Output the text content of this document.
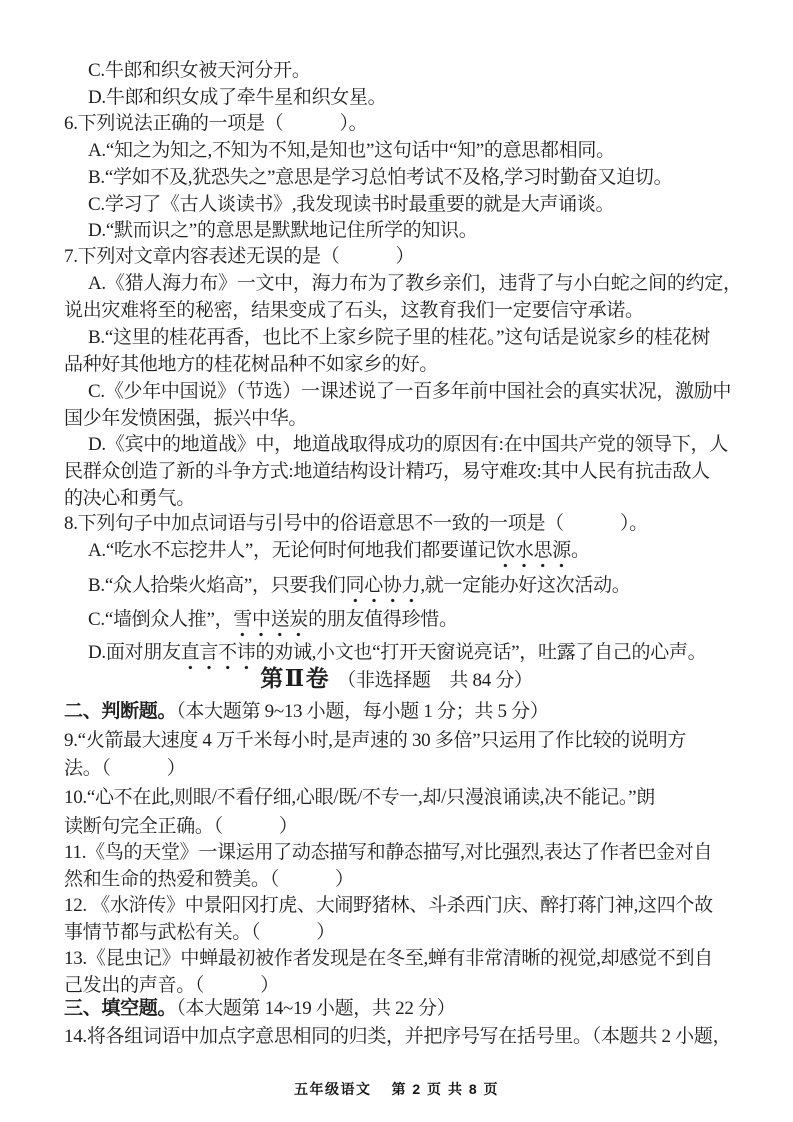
C.牛郎和织女被天河分开。
D.牛郎和织女成了牵牛星和织女星。
6.下列说法正确的一项是（　　　）。
A.“知之为知之,不知为不知,是知也”这句话中“知”的意思都相同。
B.“学如不及,犹恐失之”意思是学习总怕考试不及格,学习时勤奋又迫切。
C.学习了《古人谈读书》,我发现读书时最重要的就是大声诵谈。
D.“默而识之”的意思是默默地记住所学的知识。
7.下列对文章内容表述无误的是（　　　）
A.《猎人海力布》一文中，海力布为了教乡亲们，违背了与小白蛇之间的约定，
说出灾难将至的秘密，结果变成了石头，这教育我们一定要信守承诺。
B.“这里的桂花再香，也比不上家乡院子里的桂花。”这句话是说家乡的桂花树
品种好其他地方的桂花树品种不如家乡的好。
C.《少年中国说》（节选）一课述说了一百多年前中国社会的真实状况，激励中
国少年发愤困强，振兴中华。
D.《宾中的地道战》中，地道战取得成功的原因有:在中国共产党的领导下，人
民群众创造了新的斗争方式:地道结构设计精巧，易守难攻:其中人民有抗击敌人
的决心和勇气。
8.下列句子中加点词语与引号中的俗语意思不一致的一项是（　　　）。
A.“吃水不忘挖井人”，无论何时何地我们都要谨记饮水思源。
B.“众人拾柴火焰高”，只要我们同心协力,就一定能办好这次活动。
C.“墙倒众人推”，雪中送炭的朋友值得珍惜。
D.面对朋友直言不讳的劝诫,小文也“打开天窗说亮话”，吐露了自己的心声。
第Ⅱ卷 （非选择题　共 84 分）
二、判断题。（本大题第 9~13 小题，每小题 1 分；共 5 分）
9.“火箭最大速度 4 万千米每小时,是声速的 30 多倍”只运用了作比较的说明方
法。（　　　）
10.“心不在此,则眼/不看仔细,心眼/既/不专一,却/只漫浪诵读,决不能记。”朗
读断句完全正确。（　　　）
11.《鸟的天堂》一课运用了动态描写和静态描写,对比强烈,表达了作者巴金对自
然和生命的热爱和赞美。（　　　）
12. 《水浒传》中景阳冈打虎、大闹野猪林、斗杀西门庆、醉打蒋门神,这四个故
事情节都与武松有关。（　　　）
13.《昆虫记》中蝉最初被作者发现是在冬至,蝉有非常清晰的视觉,却感觉不到自
己发出的声音。（　　　）
三、填空题。（本大题第 14~19 小题，共 22 分）
14.将各组词语中加点字意思相同的归类，并把序号写在括号里。（本题共 2 小题，
五年级语文 第 2 页 共 8 页
